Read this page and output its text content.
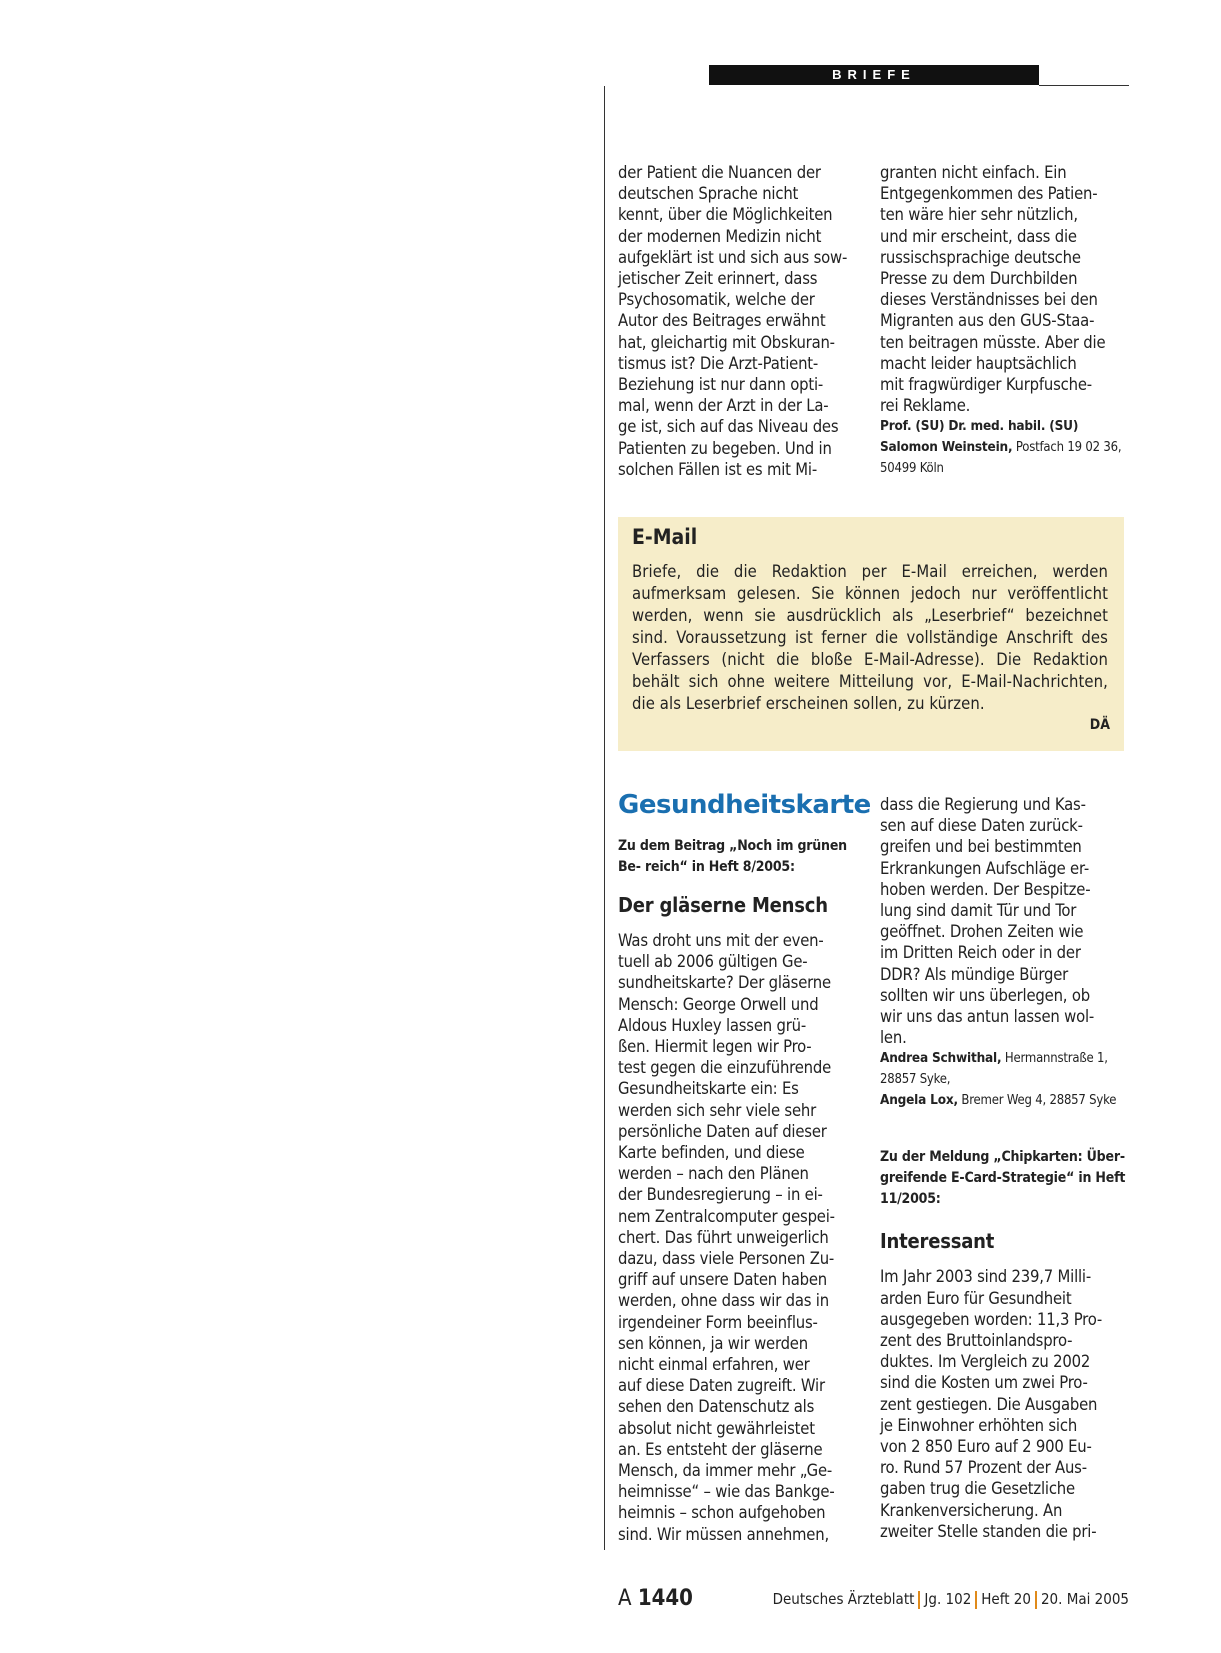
BRIEFE
der Patient die Nuancen der
deutschen Sprache nicht
kennt, über die Möglichkeiten
der modernen Medizin nicht
aufgeklärt ist und sich aus sow-
jetischer Zeit erinnert, dass
Psychosomatik, welche der
Autor des Beitrages erwähnt
hat, gleichartig mit Obskuran-
tismus ist? Die Arzt-Patient-
Beziehung ist nur dann opti-
mal, wenn der Arzt in der La-
ge ist, sich auf das Niveau des
Patienten zu begeben. Und in
solchen Fällen ist es mit Mi-
granten nicht einfach. Ein
Entgegenkommen des Patien-
ten wäre hier sehr nützlich,
und mir erscheint, dass die
russischsprachige deutsche
Presse zu dem Durchbilden
dieses Verständnisses bei den
Migranten aus den GUS-Staa-
ten beitragen müsste. Aber die
macht leider hauptsächlich
mit fragwürdiger Kurpfusche-
rei Reklame.
Prof. (SU) Dr. med. habil. (SU)
Salomon Weinstein, Postfach 19 02 36,
50499 Köln
E-Mail
Briefe, die die Redaktion per E-Mail erreichen, werden aufmerksam gelesen. Sie können jedoch nur veröffentlicht werden, wenn sie ausdrücklich als „Leserbrief“ bezeichnet sind. Voraussetzung ist ferner die vollständige Anschrift des Verfassers (nicht die bloße E-Mail-Adresse). Die Redaktion behält sich ohne weitere Mitteilung vor, E-Mail-Nachrichten, die als Leserbrief erscheinen sollen, zu kürzen.
DÄ
Gesundheitskarte

Zu dem Beitrag „Noch im grünen Be- reich“ in Heft 8/2005:

Der gläserne Mensch

Was droht uns mit der even-
tuell ab 2006 gültigen Ge-
sundheitskarte? Der gläserne
Mensch: George Orwell und
Aldous Huxley lassen grü-
ßen. Hiermit legen wir Pro-
test gegen die einzuführende
Gesundheitskarte ein: Es
werden sich sehr viele sehr
persönliche Daten auf dieser
Karte befinden, und diese
werden – nach den Plänen
der Bundesregierung – in ei-
nem Zentralcomputer gespei-
chert. Das führt unweigerlich
dazu, dass viele Personen Zu-
griff auf unsere Daten haben
werden, ohne dass wir das in
irgendeiner Form beeinflus-
sen können, ja wir werden
nicht einmal erfahren, wer
auf diese Daten zugreift. Wir
sehen den Datenschutz als
absolut nicht gewährleistet
an. Es entsteht der gläserne
Mensch, da immer mehr „Ge-
heimnisse“ – wie das Bankge-
heimnis – schon aufgehoben
sind. Wir müssen annehmen,
dass die Regierung und Kas-
sen auf diese Daten zurück-
greifen und bei bestimmten
Erkrankungen Aufschläge er-
hoben werden. Der Bespitze-
lung sind damit Tür und Tor
geöffnet. Drohen Zeiten wie
im Dritten Reich oder in der
DDR? Als mündige Bürger
sollten wir uns überlegen, ob
wir uns das antun lassen wol-
len.
Andrea Schwithal, Hermannstraße 1,
28857 Syke,
Angela Lox, Bremer Weg 4, 28857 Syke
Zu der Meldung „Chipkarten: Über-
greifende E-Card-Strategie“ in Heft
11/2005:

Interessant

Im Jahr 2003 sind 239,7 Milli-
arden Euro für Gesundheit
ausgegeben worden: 11,3 Pro-
zent des Bruttoinlandspro-
duktes. Im Vergleich zu 2002
sind die Kosten um zwei Pro-
zent gestiegen. Die Ausgaben
je Einwohner erhöhten sich
von 2 850 Euro auf 2 900 Eu-
ro. Rund 57 Prozent der Aus-
gaben trug die Gesetzliche
Krankenversicherung. An
zweiter Stelle standen die pri-
A 1440	Deutsches Ärzteblatt Jg. 102 Heft 20 20. Mai 2005
